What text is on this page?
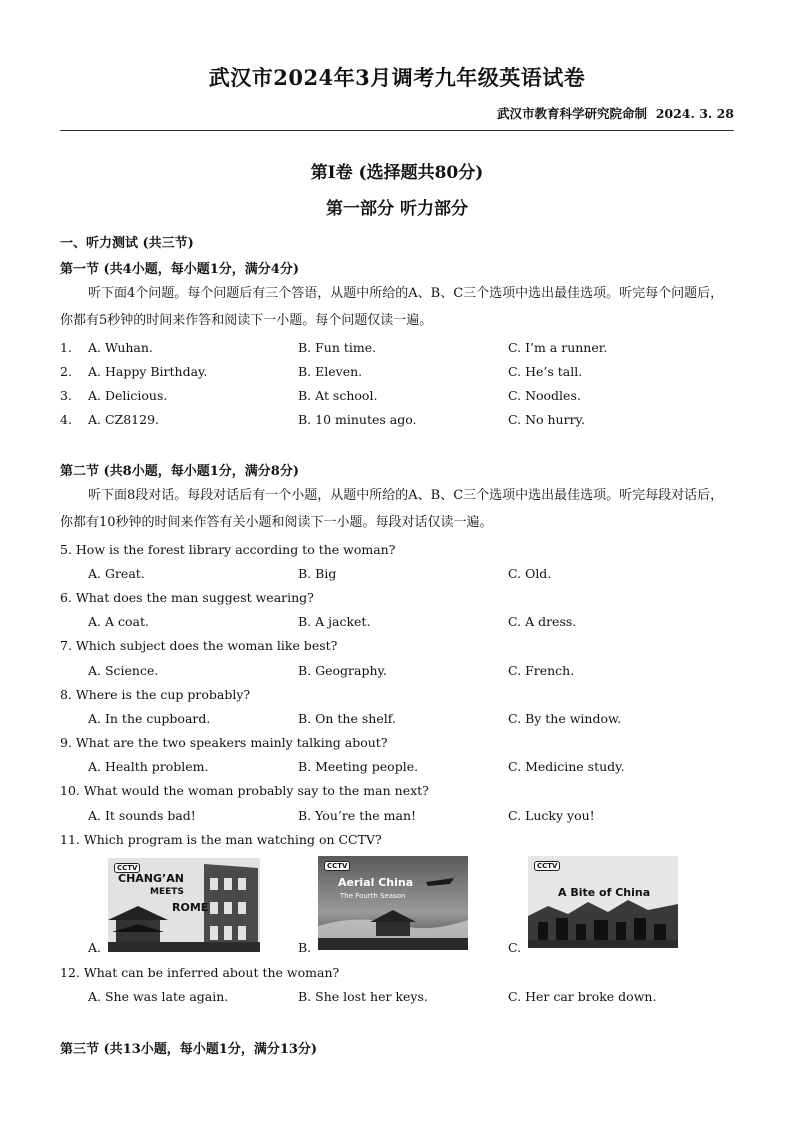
武汉市2024年3月调考九年级英语试卷
武汉市教育科学研究院命制 2024. 3. 28
第I卷 (选择题共80分)
第一部分 听力部分
一、听力测试 (共三节)
第一节 (共4小题，每小题1分，满分4分)
听下面4个问题。每个问题后有三个答语，从题中所给的A、B、C三个选项中选出最佳选项。听完每个问题后，你都有5秒钟的时间来作答和阅读下一小题。每个问题仅读一遍。
1. A. Wuhan.	B. Fun time.	C. I’m a runner.
2. A. Happy Birthday.	B. Eleven.	C. He’s tall.
3. A. Delicious.	B. At school.	C. Noodles.
4. A. CZ8129.	B. 10 minutes ago.	C. No hurry.
第二节 (共8小题，每小题1分，满分8分)
听下面8段对话。每段对话后有一个小题，从题中所给的A、B、C三个选项中选出最佳选项。听完每段对话后，你都有10秒钟的时间来作答有关小题和阅读下一小题。每段对话仅读一遍。
5. How is the forest library according to the woman?
A. Great.	B. Big	C. Old.
6. What does the man suggest wearing?
A. A coat.	B. A jacket.	C. A dress.
7. Which subject does the woman like best?
A. Science.	B. Geography.	C. French.
8. Where is the cup probably?
A. In the cupboard.	B. On the shelf.	C. By the window.
9. What are the two speakers mainly talking about?
A. Health problem.	B. Meeting people.	C. Medicine study.
10. What would the woman probably say to the man next?
A. It sounds bad!	B. You’re the man!	C. Lucky you!
11. Which program is the man watching on CCTV?
A.
CCTV
CHANG’AN
MEETS
ROME
B.
CCTV
Aerial China
The Fourth Season
C.
CCTV
A Bite of China
12. What can be inferred about the woman?
A. She was late again.	B. She lost her keys.	C. Her car broke down.
第三节 (共13小题，每小题1分，满分13分)
